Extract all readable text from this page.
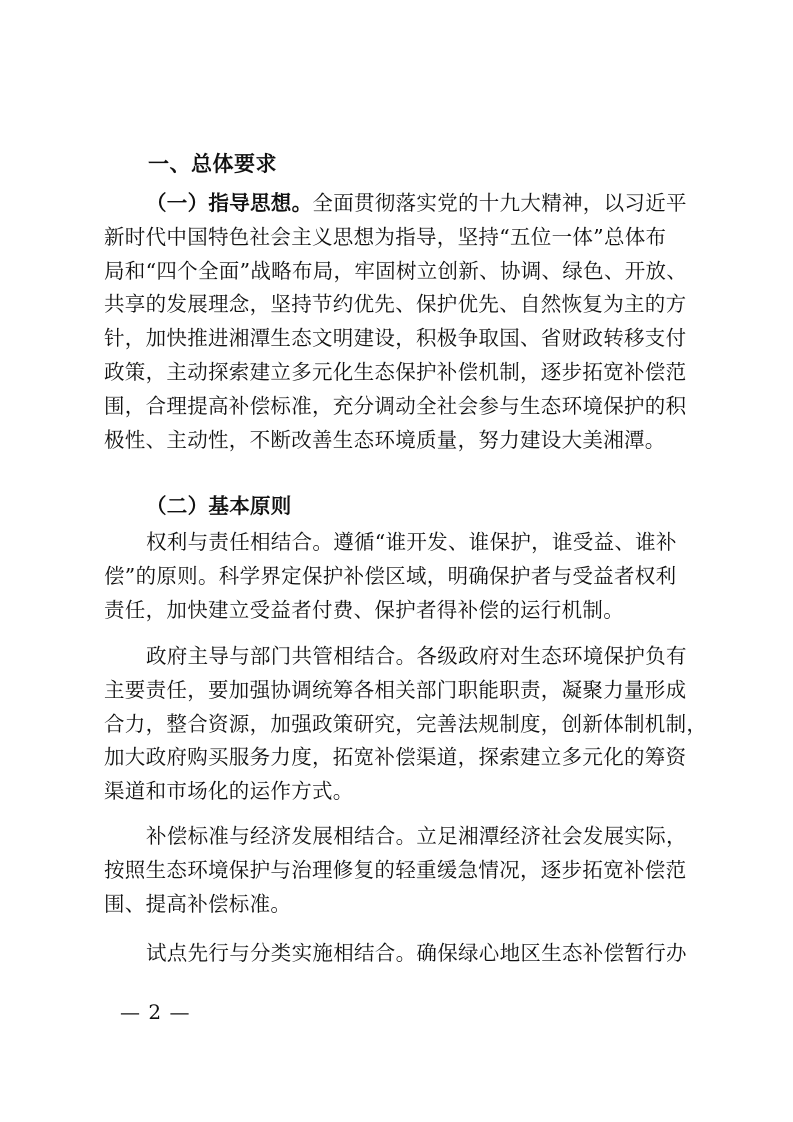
一、总体要求
（一）指导思想。全面贯彻落实党的十九大精神，以习近平
新时代中国特色社会主义思想为指导，坚持“五位一体”总体布
局和“四个全面”战略布局，牢固树立创新、协调、绿色、开放、
共享的发展理念，坚持节约优先、保护优先、自然恢复为主的方
针，加快推进湘潭生态文明建设，积极争取国、省财政转移支付
政策，主动探索建立多元化生态保护补偿机制，逐步拓宽补偿范
围，合理提高补偿标准，充分调动全社会参与生态环境保护的积
极性、主动性，不断改善生态环境质量，努力建设大美湘潭。
（二）基本原则
权利与责任相结合。遵循“谁开发、谁保护，谁受益、谁补
偿”的原则。科学界定保护补偿区域，明确保护者与受益者权利
责任，加快建立受益者付费、保护者得补偿的运行机制。
政府主导与部门共管相结合。各级政府对生态环境保护负有
主要责任，要加强协调统筹各相关部门职能职责，凝聚力量形成
合力，整合资源，加强政策研究，完善法规制度，创新体制机制，
加大政府购买服务力度，拓宽补偿渠道，探索建立多元化的筹资
渠道和市场化的运作方式。
补偿标准与经济发展相结合。立足湘潭经济社会发展实际，
按照生态环境保护与治理修复的轻重缓急情况，逐步拓宽补偿范
围、提高补偿标准。
试点先行与分类实施相结合。确保绿心地区生态补偿暂行办
— 2 —
